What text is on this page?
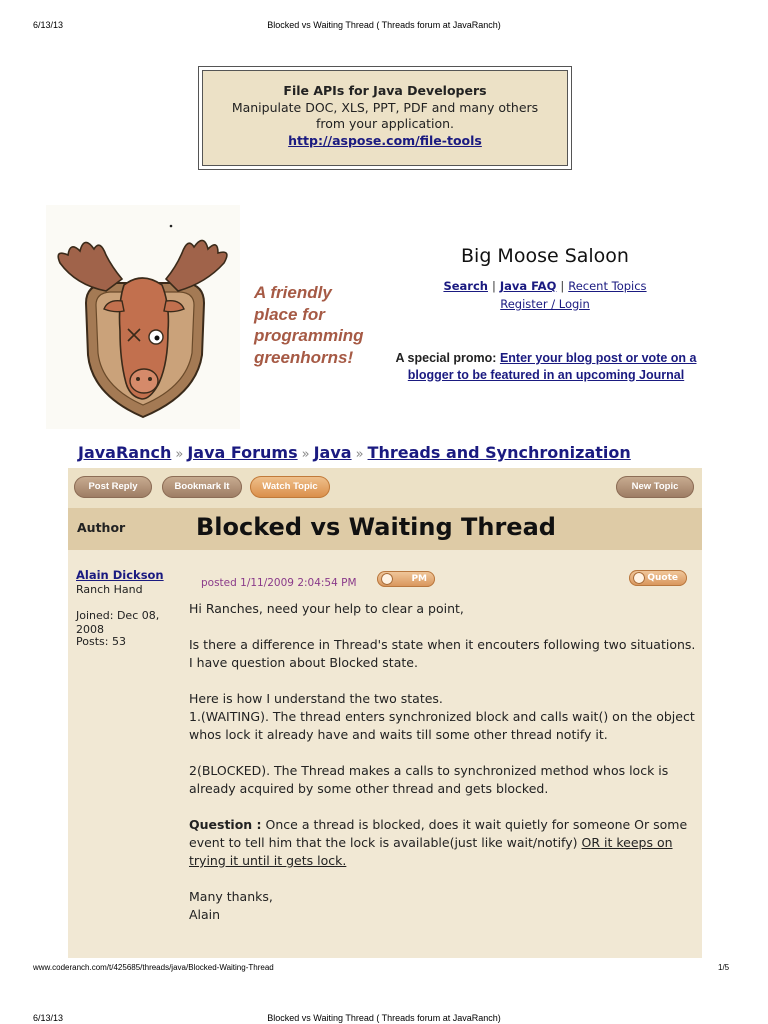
6/13/13	Blocked vs Waiting Thread ( Threads forum at JavaRanch)
File APIs for Java Developers
Manipulate DOC, XLS, PPT, PDF and many others
from your application.
http://aspose.com/file-tools
A friendly
place for
programming
greenhorns!
Big Moose Saloon
Search | Java FAQ | Recent Topics
Register / Login
A special promo: Enter your blog post or vote on a blogger to be featured in an upcoming Journal
JavaRanch » Java Forums » Java » Threads and Synchronization
Post Reply	Bookmark It	Watch Topic	New Topic
Author	Blocked vs Waiting Thread
Alain Dickson
Ranch Hand
Joined: Dec 08, 2008
Posts: 53
posted 1/11/2009 2:04:54 PM	PM	Quote
Hi Ranches, need your help to clear a point,
Is there a difference in Thread's state when it encouters following two situations. I have question about Blocked state.
Here is how I understand the two states.
1.(WAITING). The thread enters synchronized block and calls wait() on the object whos lock it already have and waits till some other thread notify it.
2(BLOCKED). The Thread makes a calls to synchronized method whos lock is already acquired by some other thread and gets blocked.
Question : Once a thread is blocked, does it wait quietly for someone Or some event to tell him that the lock is available(just like wait/notify) OR it keeps on trying it until it gets lock.
Many thanks,
Alain
www.coderanch.com/t/425685/threads/java/Blocked-Waiting-Thread	1/5
6/13/13	Blocked vs Waiting Thread ( Threads forum at JavaRanch)
